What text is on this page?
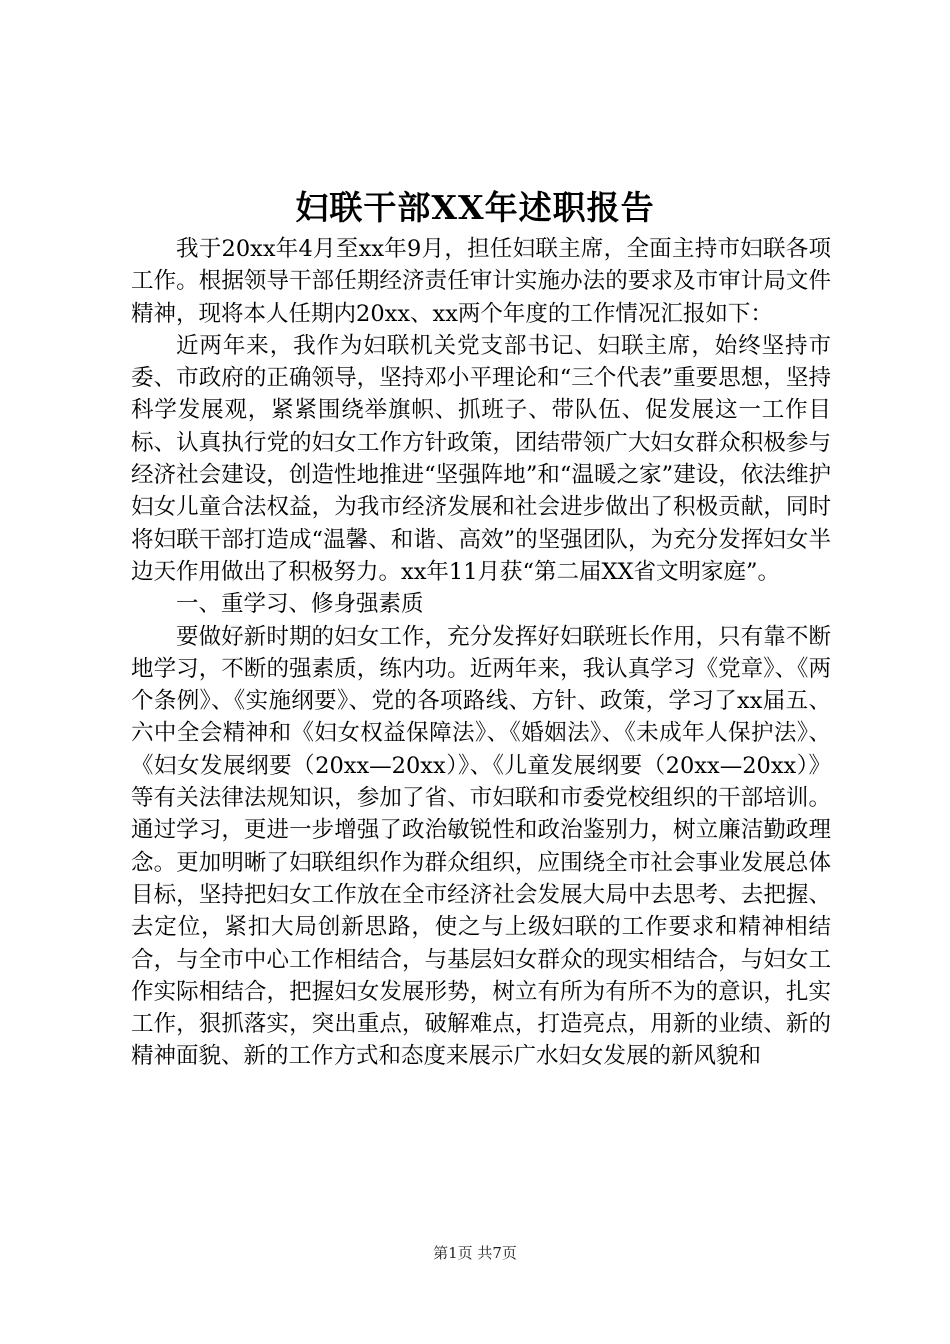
妇联干部XX年述职报告

我于20xx年4月至xx年9月，担任妇联主席，全面主持市妇联各项工作。根据领导干部任期经济责任审计实施办法的要求及市审计局文件精神，现将本人任期内20xx、xx两个年度的工作情况汇报如下：

近两年来，我作为妇联机关党支部书记、妇联主席，始终坚持市委、市政府的正确领导，坚持邓小平理论和“三个代表”重要思想，坚持科学发展观，紧紧围绕举旗帜、抓班子、带队伍、促发展这一工作目标、认真执行党的妇女工作方针政策，团结带领广大妇女群众积极参与经济社会建设，创造性地推进“坚强阵地”和“温暖之家”建设，依法维护妇女儿童合法权益，为我市经济发展和社会进步做出了积极贡献，同时将妇联干部打造成“温馨、和谐、高效”的坚强团队，为充分发挥妇女半边天作用做出了积极努力。xx年11月获“第二届XX省文明家庭”。

一、重学习、修身强素质

要做好新时期的妇女工作，充分发挥好妇联班长作用，只有靠不断地学习，不断的强素质，练内功。近两年来，我认真学习《党章》、《两个条例》、《实施纲要》、党的各项路线、方针、政策，学习了xx届五、六中全会精神和《妇女权益保障法》、《婚姻法》、《未成年人保护法》、《妇女发展纲要（20xx—20xx）》、《儿童发展纲要（20xx—20xx）》等有关法律法规知识，参加了省、市妇联和市委党校组织的干部培训。通过学习，更进一步增强了政治敏锐性和政治鉴别力，树立廉洁勤政理念。更加明晰了妇联组织作为群众组织，应围绕全市社会事业发展总体目标，坚持把妇女工作放在全市经济社会发展大局中去思考、去把握、去定位，紧扣大局创新思路，使之与上级妇联的工作要求和精神相结合，与全市中心工作相结合，与基层妇女群众的现实相结合，与妇女工作实际相结合，把握妇女发展形势，树立有所为有所不为的意识，扎实工作，狠抓落实，突出重点，破解难点，打造亮点，用新的业绩、新的精神面貌、新的工作方式和态度来展示广水妇女发展的新风貌和

第1页 共7页
